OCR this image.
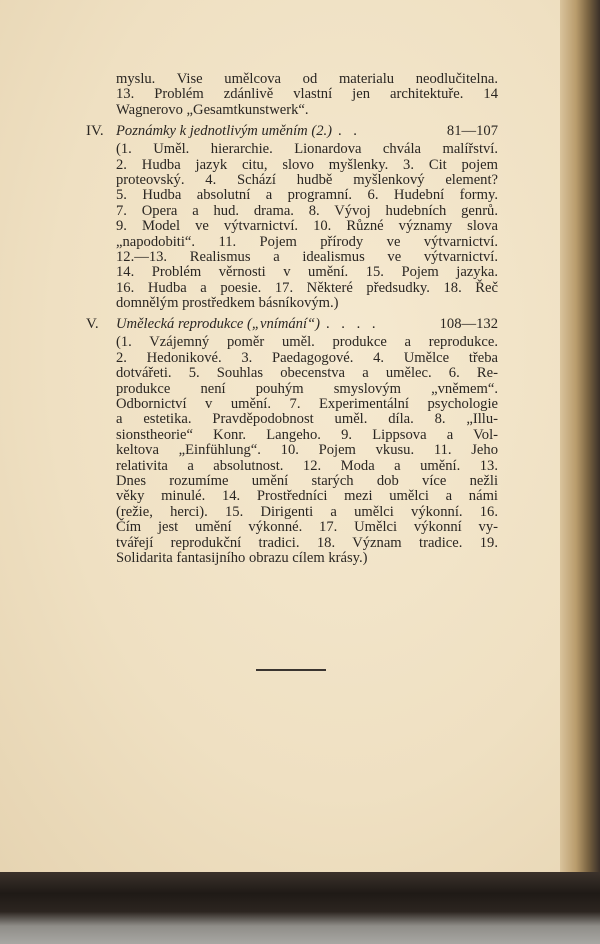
myslu. Vise umělcova od materialu neodlučitelna.
13. Problém zdánlivě vlastní jen architektuře. 14
Wagnerovo „Gesamtkunstwerk“.
IV. Poznámky k jednotlivým uměním (2.) . .	81—107
(1. Uměl. hierarchie. Lionardova chvála malířství.
2. Hudba jazyk citu, slovo myšlenky. 3. Cit pojem
proteovský. 4. Schází hudbě myšlenkový element?
5. Hudba absolutní a programní. 6. Hudební formy.
7. Opera a hud. drama. 8. Vývoj hudebních genrů.
9. Model ve výtvarnictví. 10. Různé významy slova
„napodobiti“. 11. Pojem přírody ve výtvarnictví.
12.—13. Realismus a idealismus ve výtvarnictví.
14. Problém věrnosti v umění. 15. Pojem jazyka.
16. Hudba a poesie. 17. Některé předsudky. 18. Řeč
domnělým prostředkem básníkovým.)
V. Umělecká reprodukce („vnímání“) . . . .	108—132
(1. Vzájemný poměr uměl. produkce a reprodukce.
2. Hedonikové. 3. Paedagogové. 4. Umělce třeba
dotvářeti. 5. Souhlas obecenstva a umělec. 6. Re-
produkce není pouhým smyslovým „vněmem“.
Odbornictví v umění. 7. Experimentální psychologie
a estetika. Pravděpodobnost uměl. díla. 8. „Illu-
sionstheorie“ Konr. Langeho. 9. Lippsova a Vol-
keltova „Einfühlung“. 10. Pojem vkusu. 11. Jeho
relativita a absolutnost. 12. Moda a umění. 13.
Dnes rozumíme umění starých dob více nežli
věky minulé. 14. Prostředníci mezi umělci a námi
(režie, herci). 15. Dirigenti a umělci výkonní. 16.
Čím jest umění výkonné. 17. Umělci výkonní vy-
tvářejí reprodukční tradici. 18. Význam tradice. 19.
Solidarita fantasijního obrazu cílem krásy.)
